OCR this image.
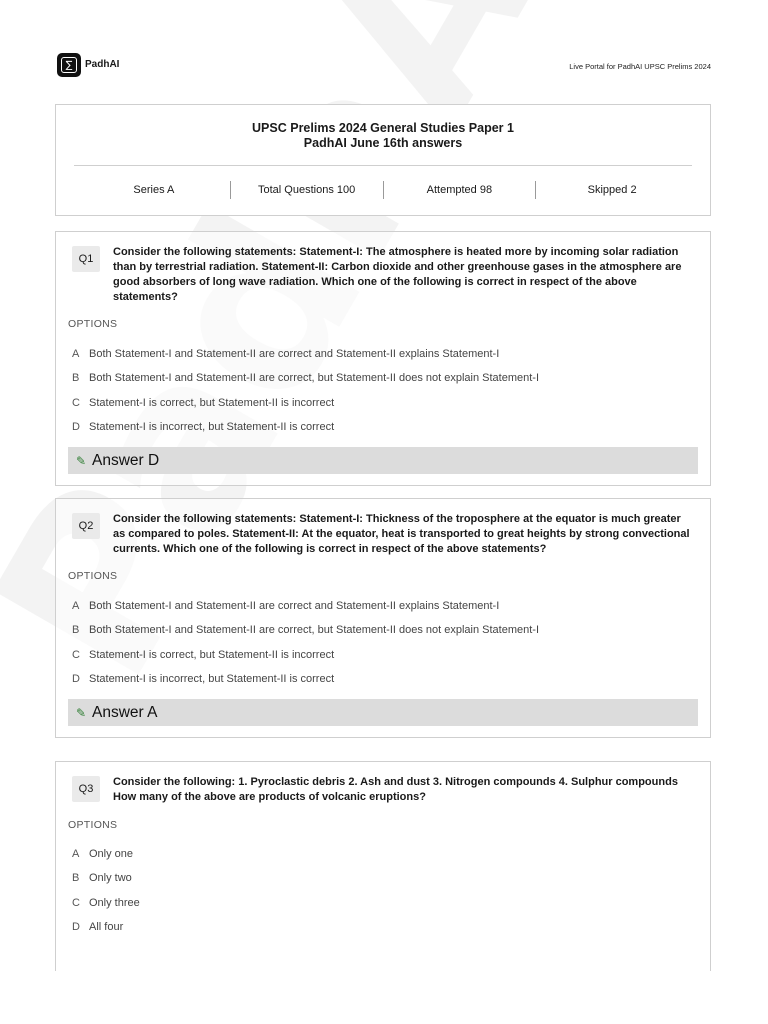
∑	PadhAI	Live Portal for PadhAI UPSC Prelims 2024
UPSC Prelims 2024 General Studies Paper 1
PadhAI June 16th answers
Series A	Total Questions 100	Attempted 98	Skipped 2
Q1
Consider the following statements: Statement-I: The atmosphere is heated more by incoming solar radiation than by terrestrial radiation. Statement-II: Carbon dioxide and other greenhouse gases in the atmosphere are good absorbers of long wave radiation. Which one of the following is correct in respect of the above statements?
OPTIONS
A Both Statement-I and Statement-II are correct and Statement-II explains Statement-I
B Both Statement-I and Statement-II are correct, but Statement-II does not explain Statement-I
C Statement-I is correct, but Statement-II is incorrect
D Statement-I is incorrect, but Statement-II is correct
✎ Answer D
Q2
Consider the following statements: Statement-I: Thickness of the troposphere at the equator is much greater as compared to poles. Statement-II: At the equator, heat is transported to great heights by strong convectional currents. Which one of the following is correct in respect of the above statements?
OPTIONS
A Both Statement-I and Statement-II are correct and Statement-II explains Statement-I
B Both Statement-I and Statement-II are correct, but Statement-II does not explain Statement-I
C Statement-I is correct, but Statement-II is incorrect
D Statement-I is incorrect, but Statement-II is correct
✎ Answer A
Q3
Consider the following: 1. Pyroclastic debris 2. Ash and dust 3. Nitrogen compounds 4. Sulphur compounds How many of the above are products of volcanic eruptions?
OPTIONS
A Only one
B Only two
C Only three
D All four
